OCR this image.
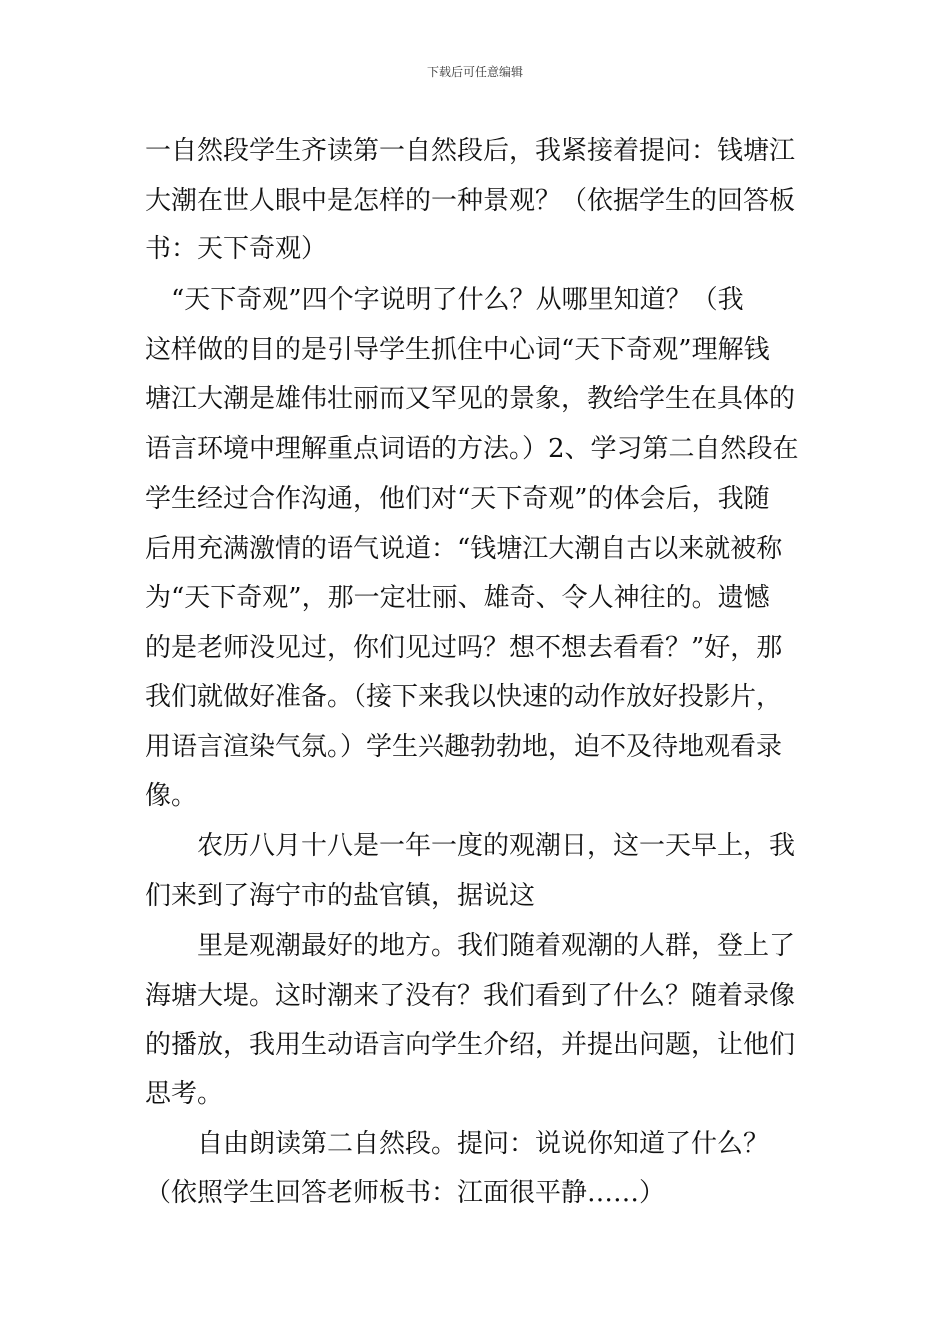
下载后可任意编辑
一自然段学生齐读第一自然段后，我紧接着提问：钱塘江
大潮在世人眼中是怎样的一种景观？（依据学生的回答板
书：天下奇观）
　“天下奇观”四个字说明了什么？从哪里知道？（我
这样做的目的是引导学生抓住中心词“天下奇观”理解钱
塘江大潮是雄伟壮丽而又罕见的景象，教给学生在具体的
语言环境中理解重点词语的方法。）2、学习第二自然段在
学生经过合作沟通，他们对“天下奇观”的体会后，我随
后用充满激情的语气说道：“钱塘江大潮自古以来就被称
为“天下奇观”，那一定壮丽、雄奇、令人神往的。遗憾
的是老师没见过，你们见过吗？想不想去看看？”好，那
我们就做好准备。（接下来我以快速的动作放好投影片，
用语言渲染气氛。）学生兴趣勃勃地，迫不及待地观看录
像。
　　农历八月十八是一年一度的观潮日，这一天早上，我
们来到了海宁市的盐官镇，据说这
　　里是观潮最好的地方。我们随着观潮的人群，登上了
海塘大堤。这时潮来了没有？我们看到了什么？随着录像
的播放，我用生动语言向学生介绍，并提出问题，让他们
思考。
　　自由朗读第二自然段。提问：说说你知道了什么？
（依照学生回答老师板书：江面很平静……）
